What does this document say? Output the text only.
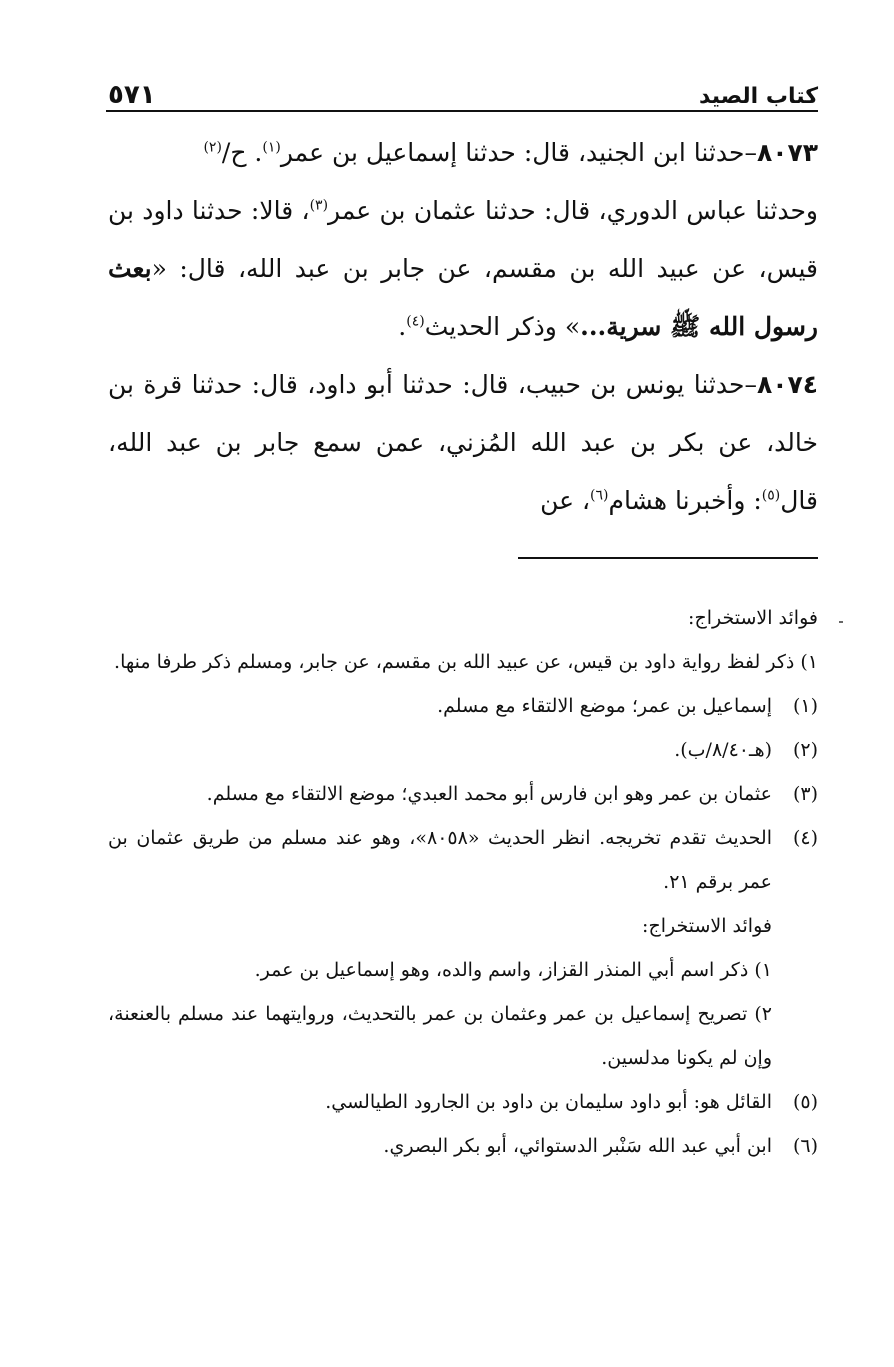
٥٧١	كتاب الصيد

٨٠٧٣–حدثنا ابن الجنيد، قال: حدثنا إسماعيل بن عمر$^{(١)}$. ح/$^{(٢)}$
وحدثنا عباس الدوري، قال: حدثنا عثمان بن عمر$^{(٣)}$، قالا: حدثنا داود بن قيس، عن عبيد الله بن مقسم، عن جابر بن عبد الله، قال: «بعث رسول الله ﷺ سرية...» وذكر الحديث$^{(٤)}$.

٨٠٧٤–حدثنا يونس بن حبيب، قال: حدثنا أبو داود، قال: حدثنا قرة بن خالد، عن بكر بن عبد الله المُزني، عمن سمع جابر بن عبد الله، قال$^{(٥)}$: وأخبرنا هشام$^{(٦)}$، عن

فوائد الاستخراج:

١) ذكر لفظ رواية داود بن قيس، عن عبيد الله بن مقسم، عن جابر، ومسلم ذكر طرفا منها.

(١)
إسماعيل بن عمر؛ موضع الالتقاء مع مسلم.
(٢)
(هـ٨/٤٠/ب).
(٣)
عثمان بن عمر وهو ابن فارس أبو محمد العبدي؛ موضع الالتقاء مع مسلم.
(٤)
الحديث تقدم تخريجه. انظر الحديث «٨٠٥٨»، وهو عند مسلم من طريق عثمان بن عمر برقم ٢١.

فوائد الاستخراج:

١) ذكر اسم أبي المنذر القزاز، واسم والده، وهو إسماعيل بن عمر.

٢) تصريح إسماعيل بن عمر وعثمان بن عمر بالتحديث، وروايتهما عند مسلم بالعنعنة، وإن لم يكونا مدلسين.

(٥)
القائل هو: أبو داود سليمان بن داود بن الجارود الطيالسي.
(٦)
ابن أبي عبد الله سَنْبر الدستوائي، أبو بكر البصري.
